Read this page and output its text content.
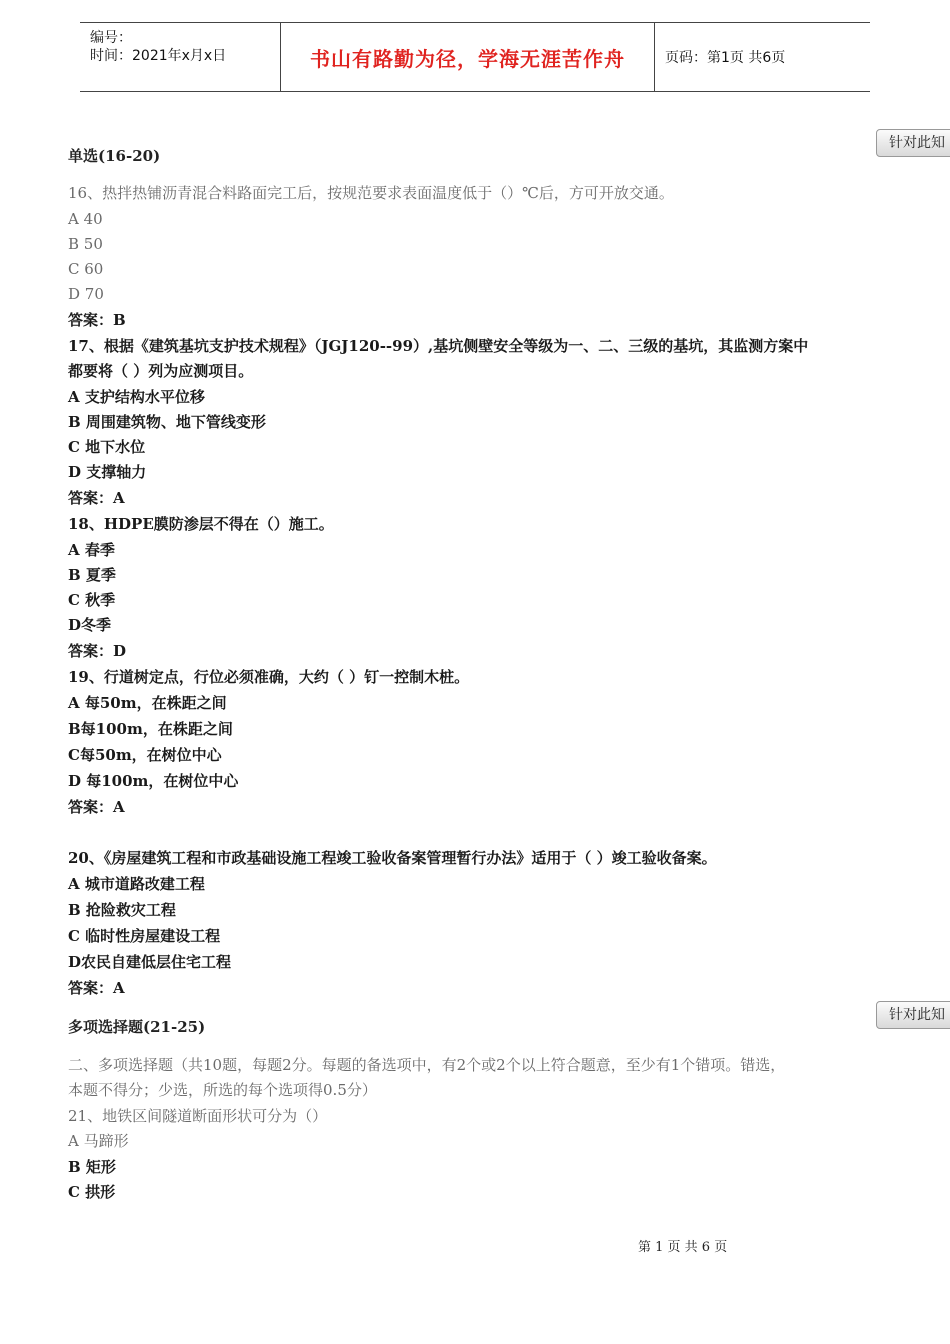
编号：
时间：2021年x月x日	书山有路勤为径，学海无涯苦作舟	页码：第1页 共6页
针对此知
针对此知
单选(16-20)
16、热拌热铺沥青混合料路面完工后，按规范要求表面温度低于（）℃后，方可开放交通。
A 40
B 50
C 60
D 70
答案：B
17、根据《建筑基坑支护技术规程》（JGJ120--99）,基坑侧壁安全等级为一、二、三级的基坑，其监测方案中
都要将（ ）列为应测项目。
A 支护结构水平位移
B 周围建筑物、地下管线变形
C 地下水位
D 支撑轴力
答案：A
18、HDPE膜防渗层不得在（）施工。
A 春季
B 夏季
C 秋季
D冬季
答案：D
19、行道树定点，行位必须准确，大约（ ）钉一控制木桩。
A 每50m，在株距之间
B每100m，在株距之间
C每50m，在树位中心
D 每100m，在树位中心
答案：A
20、《房屋建筑工程和市政基础设施工程竣工验收备案管理暂行办法》适用于（ ）竣工验收备案。
A 城市道路改建工程
B 抢险救灾工程
C 临时性房屋建设工程
D农民自建低层住宅工程
答案：A
多项选择题(21-25)
二、多项选择题（共10题，每题2分。每题的备选项中，有2个或2个以上符合题意，至少有1个错项。错选，
本题不得分；少选，所选的每个选项得0.5分）
21、地铁区间隧道断面形状可分为（）
A 马蹄形
B 矩形
C 拱形
第 1 页 共 6 页
